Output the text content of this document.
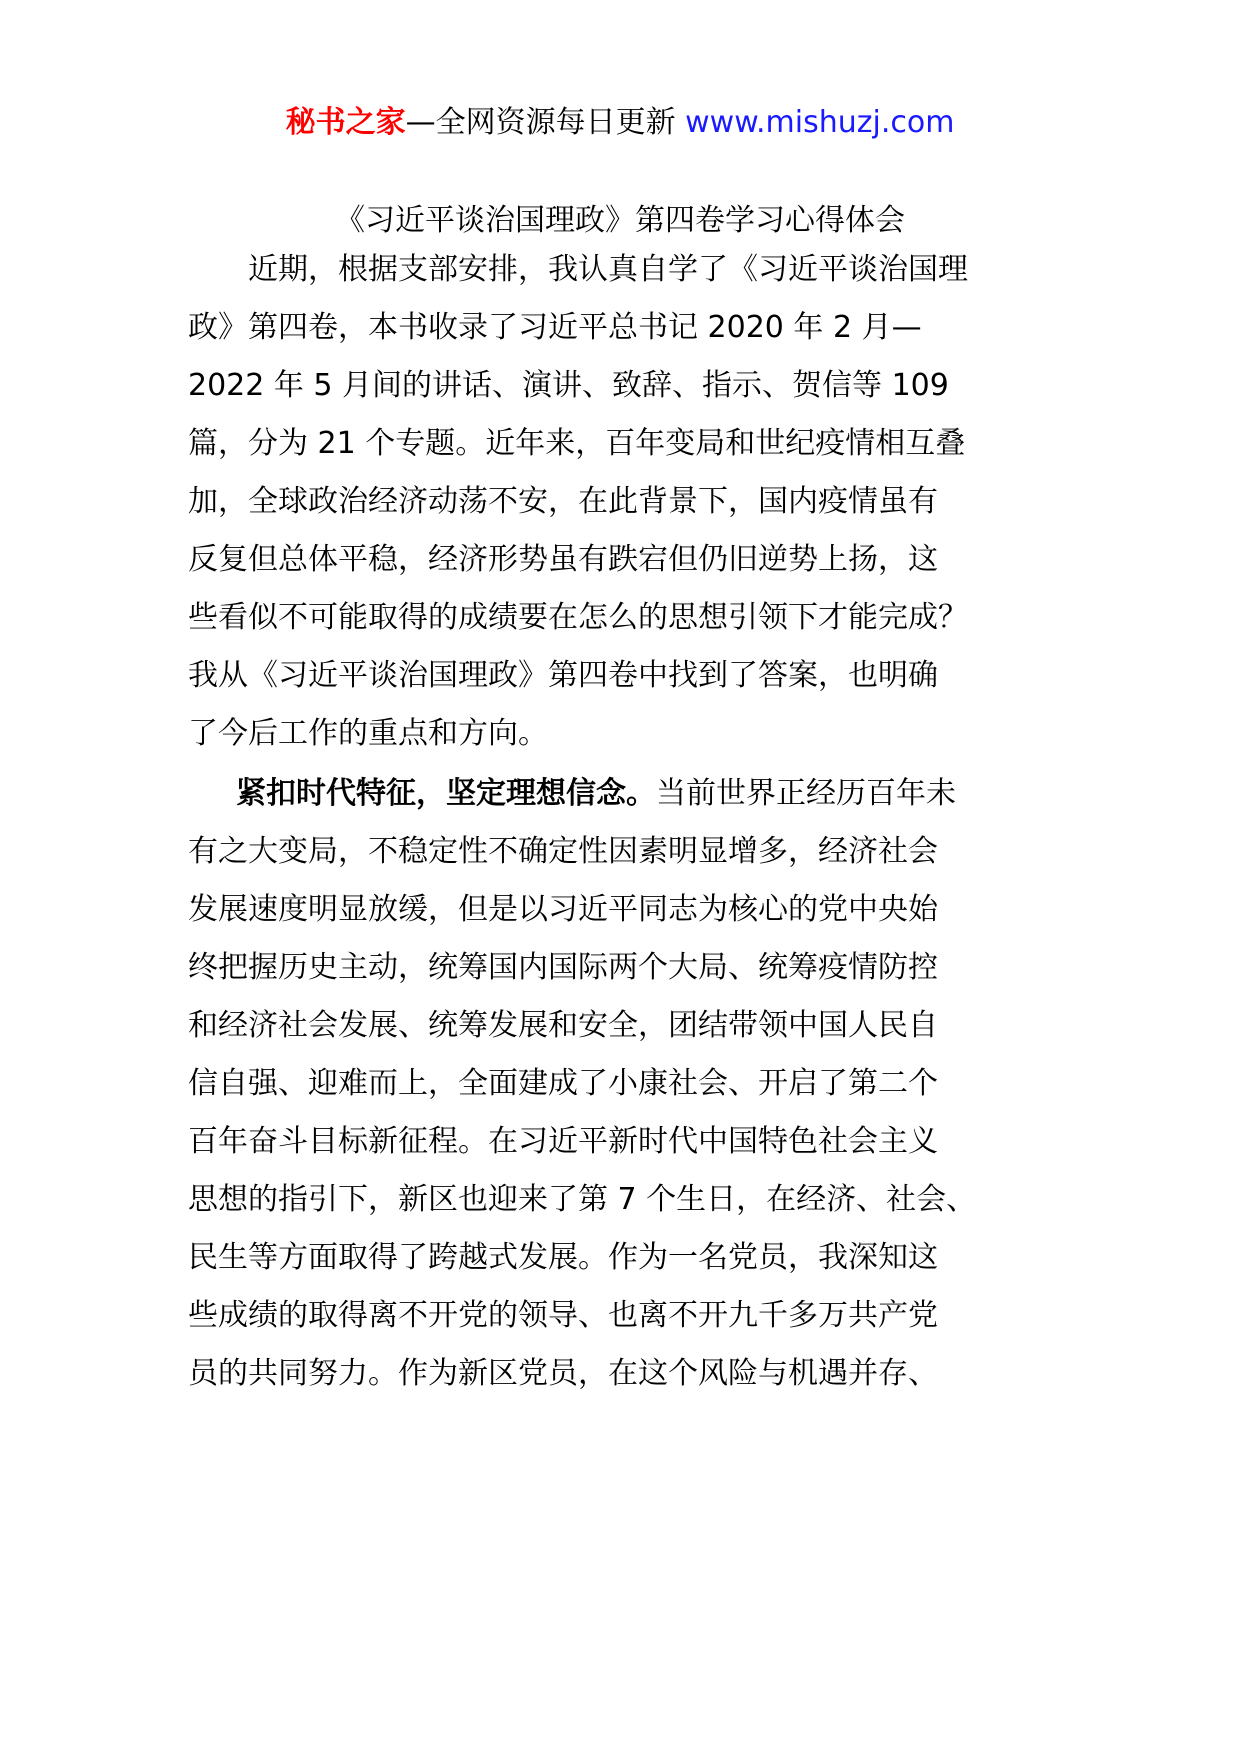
秘书之家—全网资源每日更新 www.mishuzj.com
《习近平谈治国理政》第四卷学习心得体会
近期，根据支部安排，我认真自学了《习近平谈治国理
政》第四卷，本书收录了习近平总书记 2020 年 2 月—
2022 年 5 月间的讲话、演讲、致辞、指示、贺信等 109
篇，分为 21 个专题。近年来，百年变局和世纪疫情相互叠
加，全球政治经济动荡不安，在此背景下，国内疫情虽有
反复但总体平稳，经济形势虽有跌宕但仍旧逆势上扬，这
些看似不可能取得的成绩要在怎么的思想引领下才能完成？
我从《习近平谈治国理政》第四卷中找到了答案，也明确
了今后工作的重点和方向。
紧扣时代特征，坚定理想信念。当前世界正经历百年未
有之大变局，不稳定性不确定性因素明显增多，经济社会
发展速度明显放缓，但是以习近平同志为核心的党中央始
终把握历史主动，统筹国内国际两个大局、统筹疫情防控
和经济社会发展、统筹发展和安全，团结带领中国人民自
信自强、迎难而上，全面建成了小康社会、开启了第二个
百年奋斗目标新征程。在习近平新时代中国特色社会主义
思想的指引下，新区也迎来了第 7 个生日，在经济、社会、
民生等方面取得了跨越式发展。作为一名党员，我深知这
些成绩的取得离不开党的领导、也离不开九千多万共产党
员的共同努力。作为新区党员，在这个风险与机遇并存、
